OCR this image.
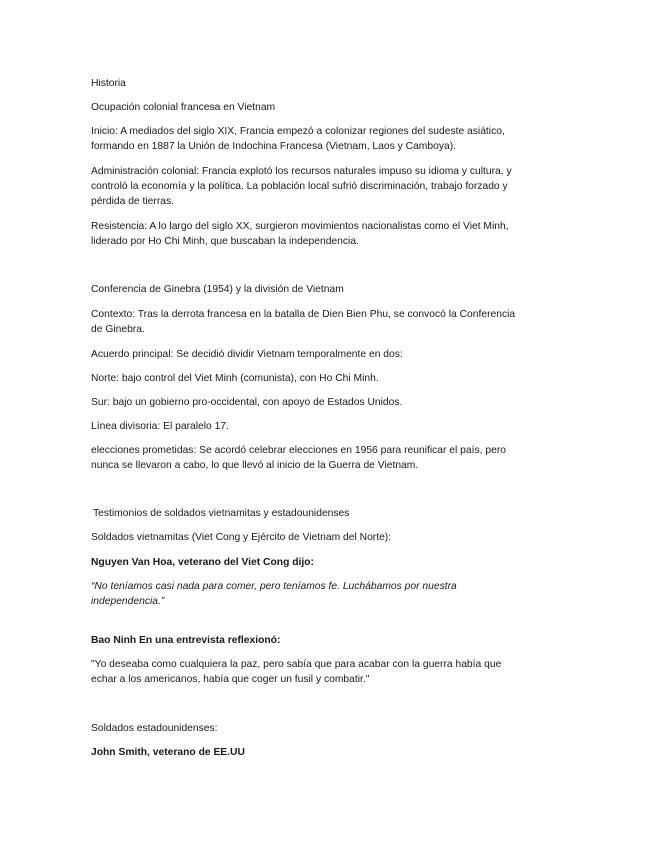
Historia

Ocupación colonial francesa en Vietnam

Inicio: A mediados del siglo XIX, Francia empezó a colonizar regiones del sudeste asiático,

formando en 1887 la Unión de Indochina Francesa (Vietnam, Laos y Camboya).

Administración colonial: Francia explotó los recursos naturales impuso su idioma y cultura, y

controló la economía y la política. La población local sufrió discriminación, trabajo forzado y

pérdida de tierras.

Resistencia: A lo largo del siglo XX, surgieron movimientos nacionalistas como el Viet Minh,

liderado por Ho Chi Minh, que buscaban la independencia.

Conferencia de Ginebra (1954) y la división de Vietnam

Contexto: Tras la derrota francesa en la batalla de Dien Bien Phu, se convocó la Conferencia

de Ginebra.

Acuerdo principal: Se decidió dividir Vietnam temporalmente en dos:

Norte: bajo control del Viet Minh (comunista), con Ho Chi Minh.

Sur: bajo un gobierno pro-occidental, con apoyo de Estados Unidos.

Línea divisoria: El paralelo 17.

elecciones prometidas: Se acordó celebrar elecciones en 1956 para reunificar el país, pero

nunca se llevaron a cabo, lo que llevó al inicio de la Guerra de Vietnam.

Testimonios de soldados vietnamitas y estadounidenses

Soldados vietnamitas (Viet Cong y Ejército de Vietnam del Norte):

Nguyen Van Hoa, veterano del Viet Cong dijo:

“No teníamos casi nada para comer, pero teníamos fe. Luchábamos por nuestra

independencia.”

Bao Ninh En una entrevista reflexionó:

"Yo deseaba como cualquiera la paz, pero sabía que para acabar con la guerra había que

echar a los americanos, había que coger un fusil y combatir."

Soldados estadounidenses:

John Smith, veterano de EE.UU
